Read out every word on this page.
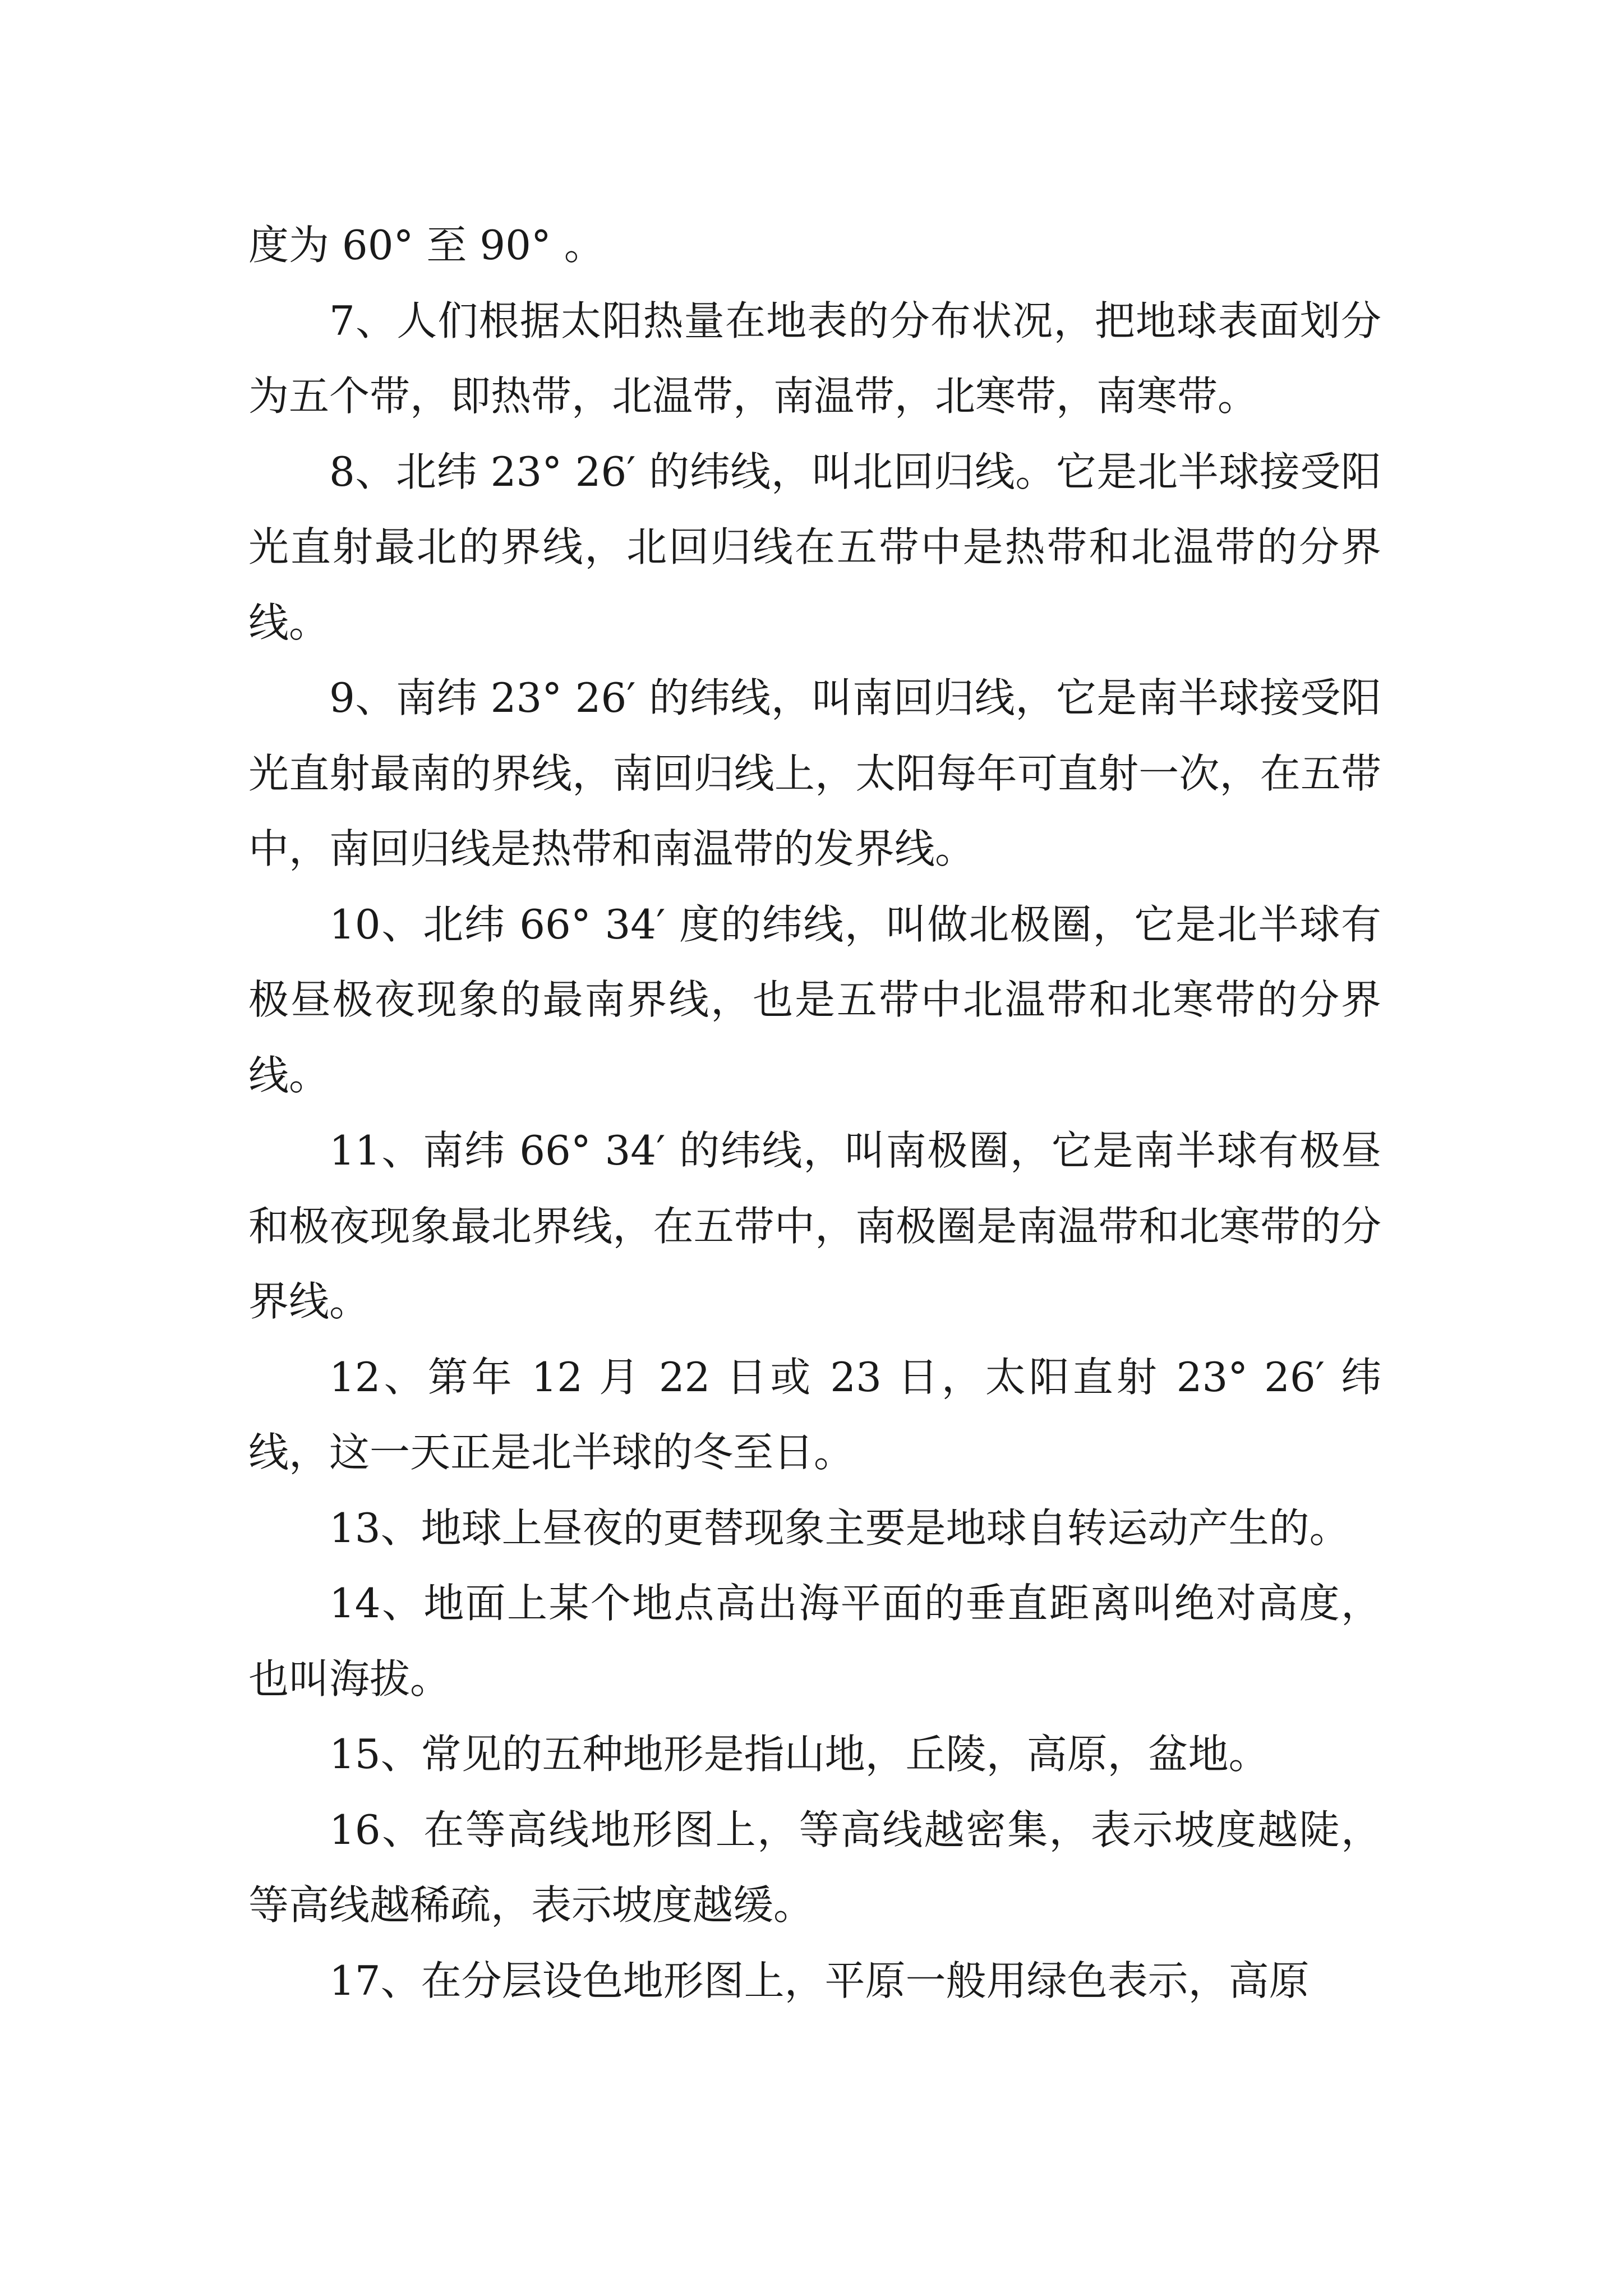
度为 60° 至 90° 。

7、人们根据太阳热量在地表的分布状况，把地球表面划分为五个带，即热带，北温带，南温带，北寒带，南寒带。

8、北纬 23° 26′ 的纬线，叫北回归线。它是北半球接受阳光直射最北的界线，北回归线在五带中是热带和北温带的分界线。

9、南纬 23° 26′ 的纬线，叫南回归线，它是南半球接受阳光直射最南的界线，南回归线上，太阳每年可直射一次，在五带中，南回归线是热带和南温带的发界线。

10、北纬 66° 34′ 度的纬线，叫做北极圈，它是北半球有极昼极夜现象的最南界线，也是五带中北温带和北寒带的分界线。

11、南纬 66° 34′ 的纬线，叫南极圈，它是南半球有极昼和极夜现象最北界线，在五带中，南极圈是南温带和北寒带的分界线。

12、第年 12 月 22 日或 23 日，太阳直射 23° 26′ 纬线，这一天正是北半球的冬至日。

13、地球上昼夜的更替现象主要是地球自转运动产生的。

14、地面上某个地点高出海平面的垂直距离叫绝对高度，也叫海拔。

15、常见的五种地形是指山地，丘陵，高原，盆地。

16、在等高线地形图上，等高线越密集，表示坡度越陡，等高线越稀疏，表示坡度越缓。

17、在分层设色地形图上，平原一般用绿色表示，高原
